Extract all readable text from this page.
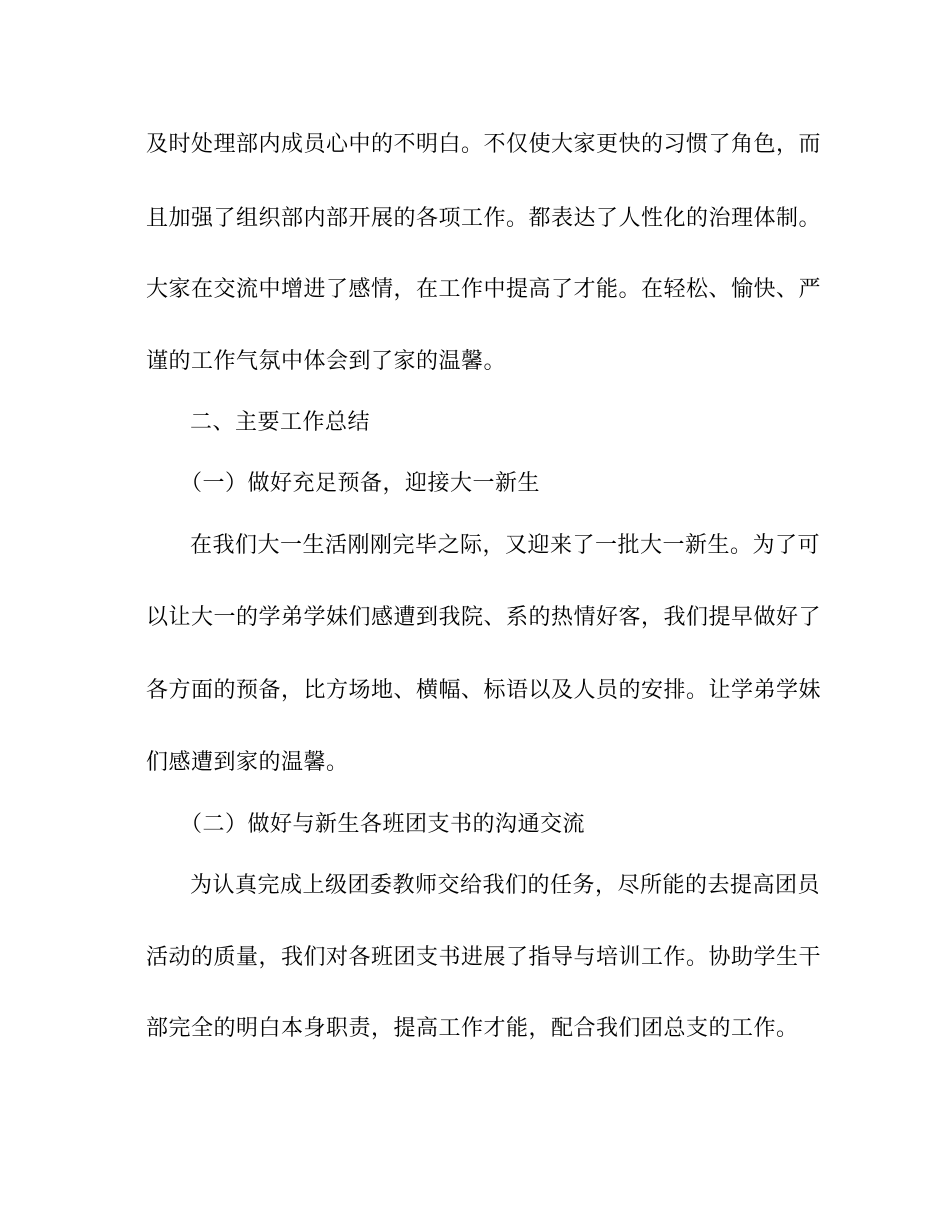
及时处理部内成员心中的不明白。不仅使大家更快的习惯了角色，而
且加强了组织部内部开展的各项工作。都表达了人性化的治理体制。
大家在交流中增进了感情，在工作中提高了才能。在轻松、愉快、严
谨的工作气氛中体会到了家的温馨。
二、主要工作总结
（一）做好充足预备，迎接大一新生
在我们大一生活刚刚完毕之际，又迎来了一批大一新生。为了可
以让大一的学弟学妹们感遭到我院、系的热情好客，我们提早做好了
各方面的预备，比方场地、横幅、标语以及人员的安排。让学弟学妹
们感遭到家的温馨。
（二）做好与新生各班团支书的沟通交流
为认真完成上级团委教师交给我们的任务，尽所能的去提高团员
活动的质量，我们对各班团支书进展了指导与培训工作。协助学生干
部完全的明白本身职责，提高工作才能，配合我们团总支的工作。
